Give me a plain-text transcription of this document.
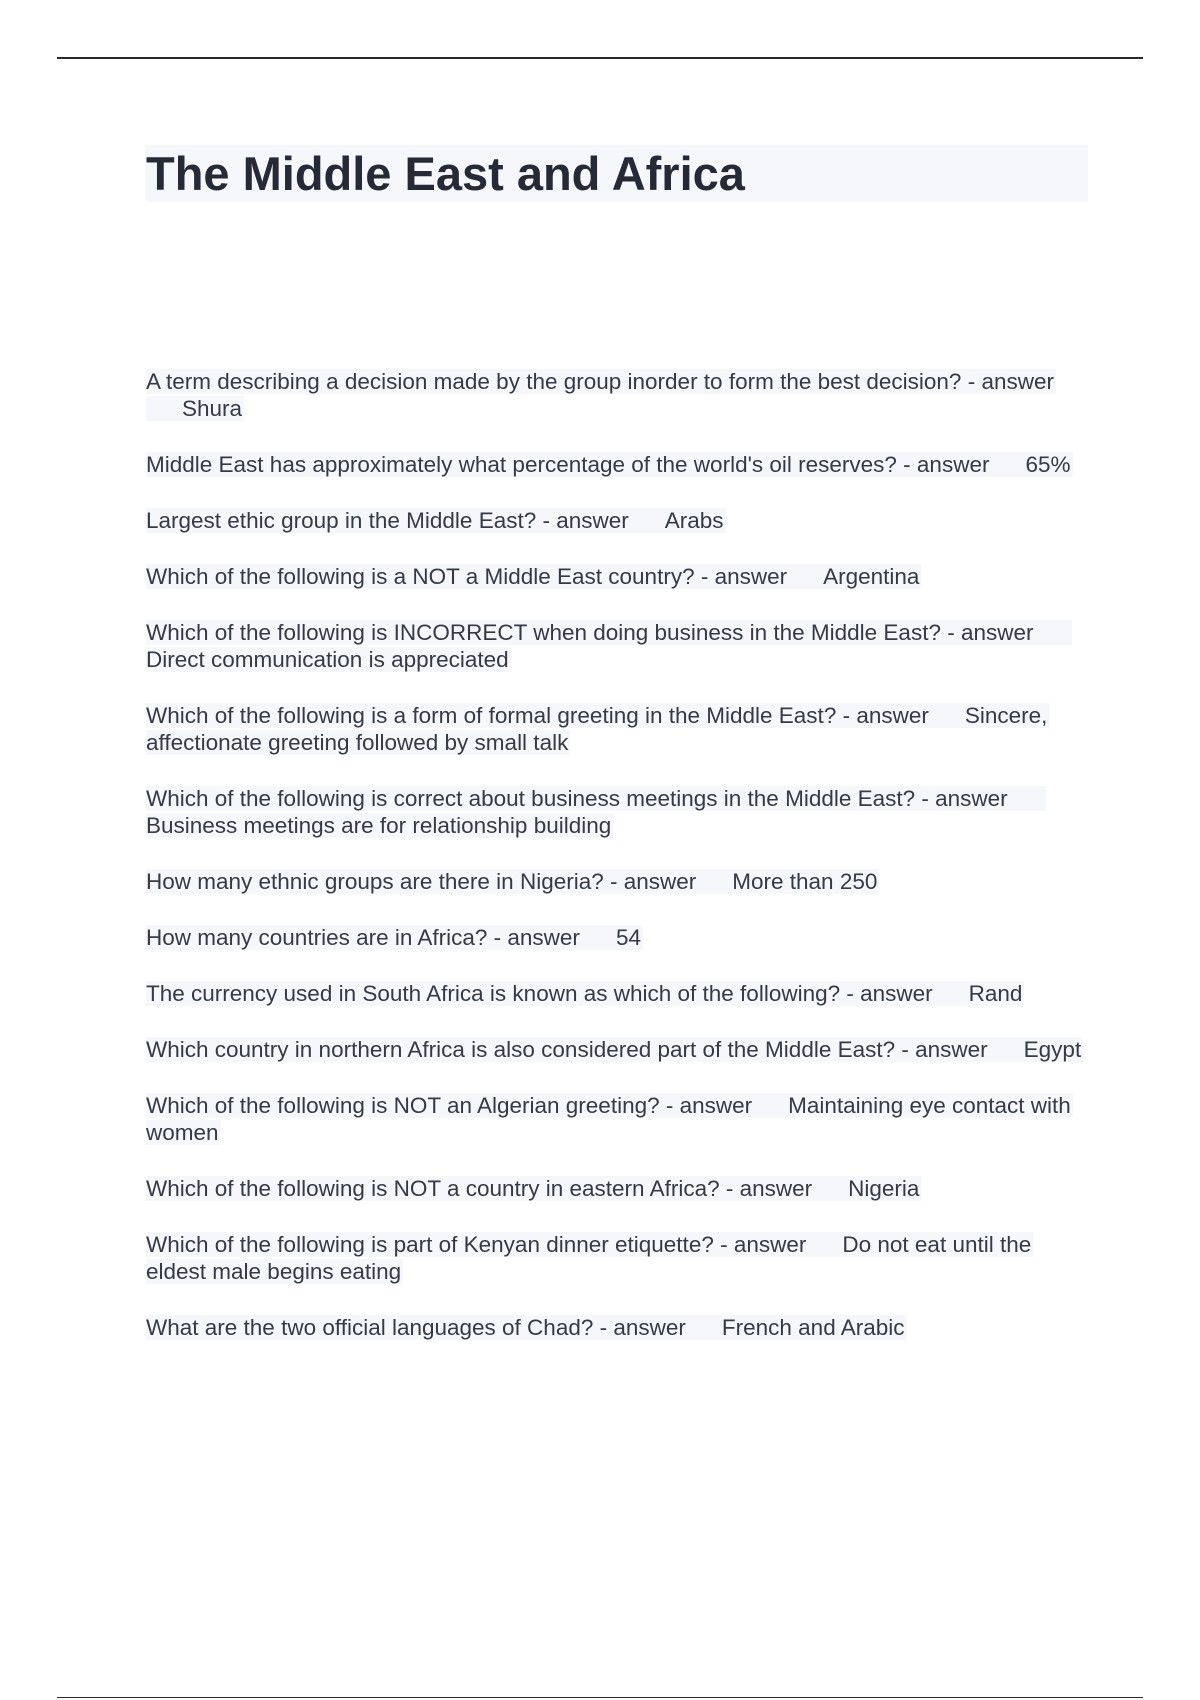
The Middle East and Africa
A term describing a decision made by the group inorder to form the best decision? - answerShura
Middle East has approximately what percentage of the world's oil reserves? - answer 65%
Largest ethic group in the Middle East? - answer Arabs
Which of the following is a NOT a Middle East country? - answer Argentina
Which of the following is INCORRECT when doing business in the Middle East? - answerDirect communication is appreciated
Which of the following is a form of formal greeting in the Middle East? - answer Sincere, affectionate greeting followed by small talk
Which of the following is correct about business meetings in the Middle East? - answerBusiness meetings are for relationship building
How many ethnic groups are there in Nigeria? - answer More than 250
How many countries are in Africa? - answer 54
The currency used in South Africa is known as which of the following? - answer Rand
Which country in northern Africa is also considered part of the Middle East? - answer Egypt
Which of the following is NOT an Algerian greeting? - answer Maintaining eye contact with women
Which of the following is NOT a country in eastern Africa? - answer Nigeria
Which of the following is part of Kenyan dinner etiquette? - answer Do not eat until the eldest male begins eating
What are the two official languages of Chad? - answer French and Arabic
